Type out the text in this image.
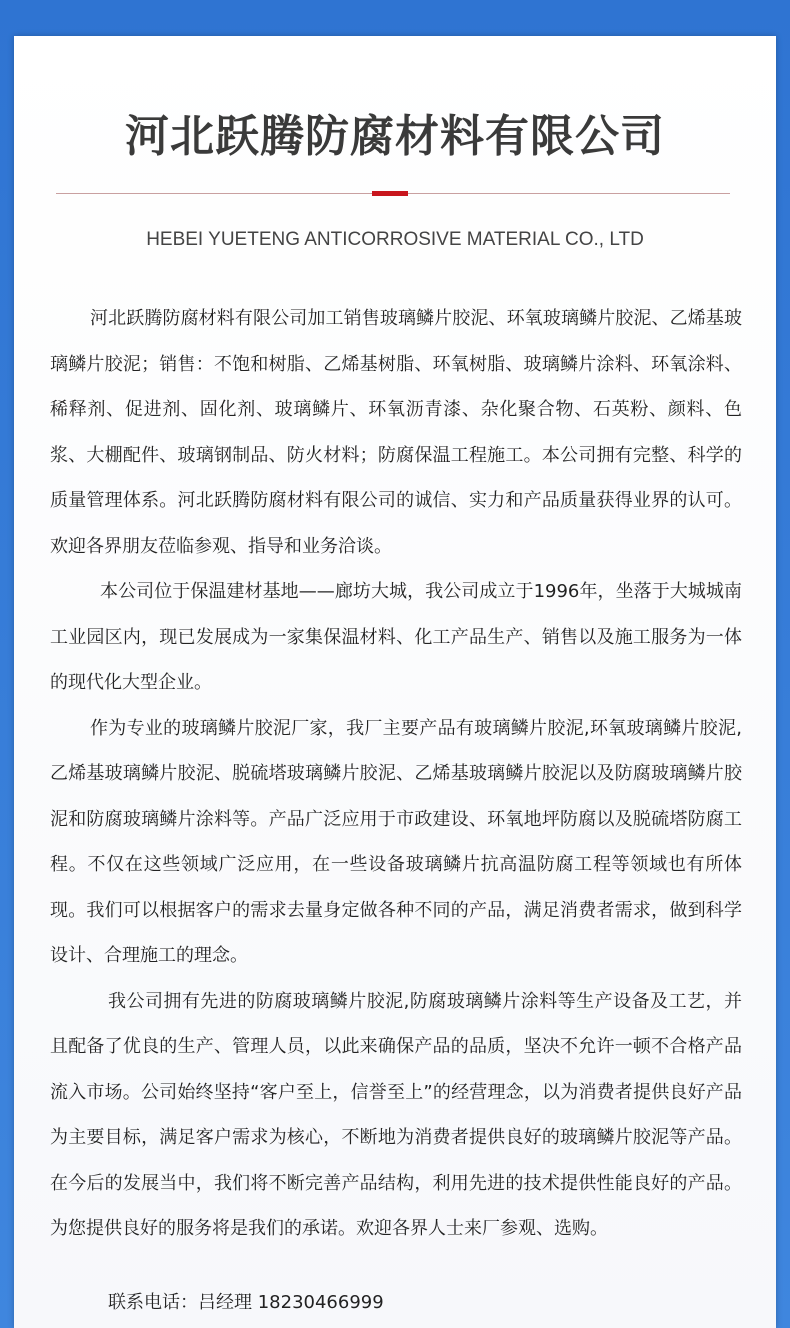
河北跃腾防腐材料有限公司
HEBEI YUETENG ANTICORROSIVE MATERIAL CO., LTD

河北跃腾防腐材料有限公司加工销售玻璃鳞片胶泥、环氧玻璃鳞片胶泥、乙烯基玻璃鳞片胶泥；销售：不饱和树脂、乙烯基树脂、环氧树脂、玻璃鳞片涂料、环氧涂料、稀释剂、促进剂、固化剂、玻璃鳞片、环氧沥青漆、杂化聚合物、石英粉、颜料、色浆、大棚配件、玻璃钢制品、防火材料；防腐保温工程施工。本公司拥有完整、科学的质量管理体系。河北跃腾防腐材料有限公司的诚信、实力和产品质量获得业界的认可。欢迎各界朋友莅临参观、指导和业务洽谈。

本公司位于保温建材基地——廊坊大城，我公司成立于1996年，坐落于大城城南工业园区内，现已发展成为一家集保温材料、化工产品生产、销售以及施工服务为一体的现代化大型企业。

作为专业的玻璃鳞片胶泥厂家，我厂主要产品有玻璃鳞片胶泥,环氧玻璃鳞片胶泥,乙烯基玻璃鳞片胶泥、脱硫塔玻璃鳞片胶泥、乙烯基玻璃鳞片胶泥以及防腐玻璃鳞片胶泥和防腐玻璃鳞片涂料等。产品广泛应用于市政建设、环氧地坪防腐以及脱硫塔防腐工程。不仅在这些领域广泛应用，在一些设备玻璃鳞片抗高温防腐工程等领域也有所体现。我们可以根据客户的需求去量身定做各种不同的产品，满足消费者需求，做到科学设计、合理施工的理念。

我公司拥有先进的防腐玻璃鳞片胶泥,防腐玻璃鳞片涂料等生产设备及工艺，并且配备了优良的生产、管理人员，以此来确保产品的品质，坚决不允许一顿不合格产品流入市场。公司始终坚持“客户至上，信誉至上”的经营理念，以为消费者提供良好产品为主要目标，满足客户需求为核心，不断地为消费者提供良好的玻璃鳞片胶泥等产品。在今后的发展当中，我们将不断完善产品结构，利用先进的技术提供性能良好的产品。为您提供良好的服务将是我们的承诺。欢迎各界人士来厂参观、选购。

联系电话：吕经理 18230466999
